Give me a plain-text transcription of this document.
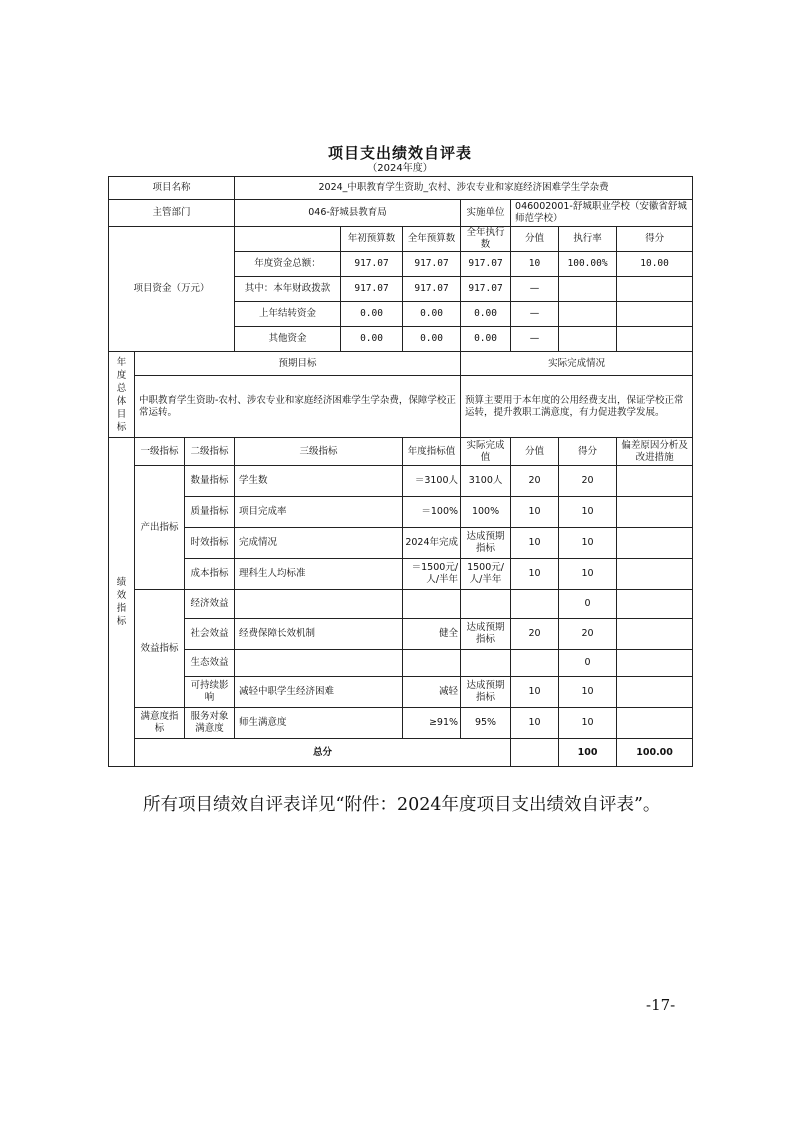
项目支出绩效自评表
（2024年度）
项目名称			2024_中职教育学生资助_农村、涉农专业和家庭经济困难学生学杂费							
主管部门			046-舒城县教育局			实施单位	046002001-舒城职业学校（安徽省舒城师范学校）			
项目资金（万元）				年初预算数	全年预算数	全年执行数	分值	执行率	得分	
			年度资金总额：	917.07	917.07	917.07	10	100.00%	10.00	
			其中：本年财政拨款	917.07	917.07	917.07	—			
			上年结转资金	0.00	0.00	0.00	—			
			其他资金	0.00	0.00	0.00	—			
年度总体目标	预期目标					实际完成情况				
	中职教育学生资助-农村、涉农专业和家庭经济困难学生学杂费，保障学校正常运转。					预算主要用于本年度的公用经费支出，保证学校正常运转，提升教职工满意度，有力促进教学发展。				
绩效指标	一级指标	二级指标	三级指标		年度指标值	实际完成值	分值	得分	偏差原因分析及改进措施	
	产出指标	数量指标	学生数		＝3100人	3100人	20	20		
		质量指标	项目完成率		＝100%	100%	10	10		
		时效指标	完成情况		2024年完成	达成预期指标	10	10		
		成本指标	理科生人均标准		＝1500元/人/半年	1500元/人/半年	10	10		
	效益指标	经济效益						0		
		社会效益	经费保障长效机制		健全	达成预期指标	20	20		
		生态效益						0		
		可持续影响	减轻中职学生经济困难		减轻	达成预期指标	10	10		
	满意度指标	服务对象满意度	师生满意度		≥91%	95%	10	10		
	总分							100	100.00	
所有项目绩效自评表详见“附件：2024年度项目支出绩效自评表”。
-17-
